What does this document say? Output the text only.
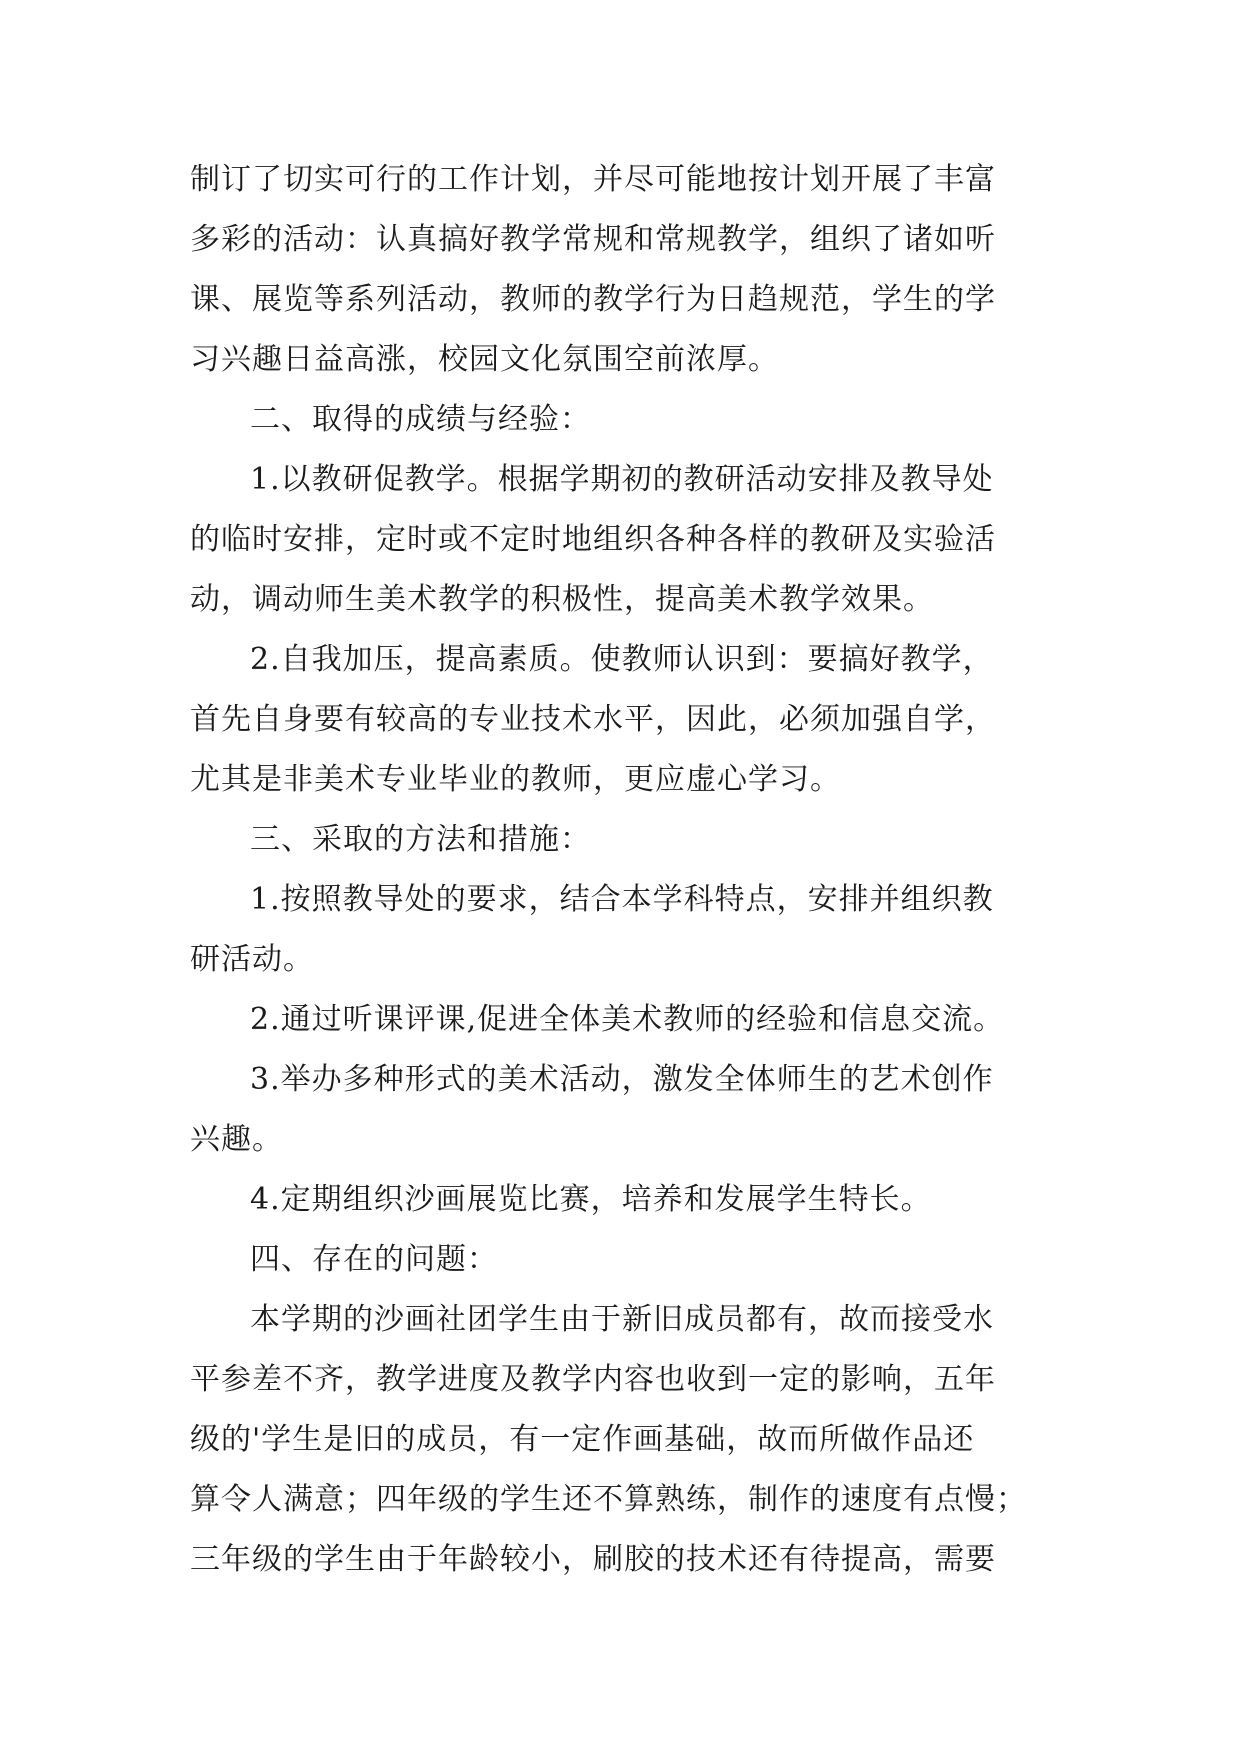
制订了切实可行的工作计划，并尽可能地按计划开展了丰富
多彩的活动：认真搞好教学常规和常规教学，组织了诸如听
课、展览等系列活动，教师的教学行为日趋规范，学生的学
习兴趣日益高涨，校园文化氛围空前浓厚。
二、取得的成绩与经验：
1.以教研促教学。根据学期初的教研活动安排及教导处
的临时安排，定时或不定时地组织各种各样的教研及实验活
动，调动师生美术教学的积极性，提高美术教学效果。
2.自我加压，提高素质。使教师认识到：要搞好教学，
首先自身要有较高的专业技术水平，因此，必须加强自学，
尤其是非美术专业毕业的教师，更应虚心学习。
三、采取的方法和措施：
1.按照教导处的要求，结合本学科特点，安排并组织教
研活动。
2.通过听课评课,促进全体美术教师的经验和信息交流。
3.举办多种形式的美术活动，激发全体师生的艺术创作
兴趣。
4.定期组织沙画展览比赛，培养和发展学生特长。
四、存在的问题：
本学期的沙画社团学生由于新旧成员都有，故而接受水
平参差不齐，教学进度及教学内容也收到一定的影响，五年
级的'学生是旧的成员，有一定作画基础，故而所做作品还
算令人满意；四年级的学生还不算熟练，制作的速度有点慢；
三年级的学生由于年龄较小，刷胶的技术还有待提高，需要
